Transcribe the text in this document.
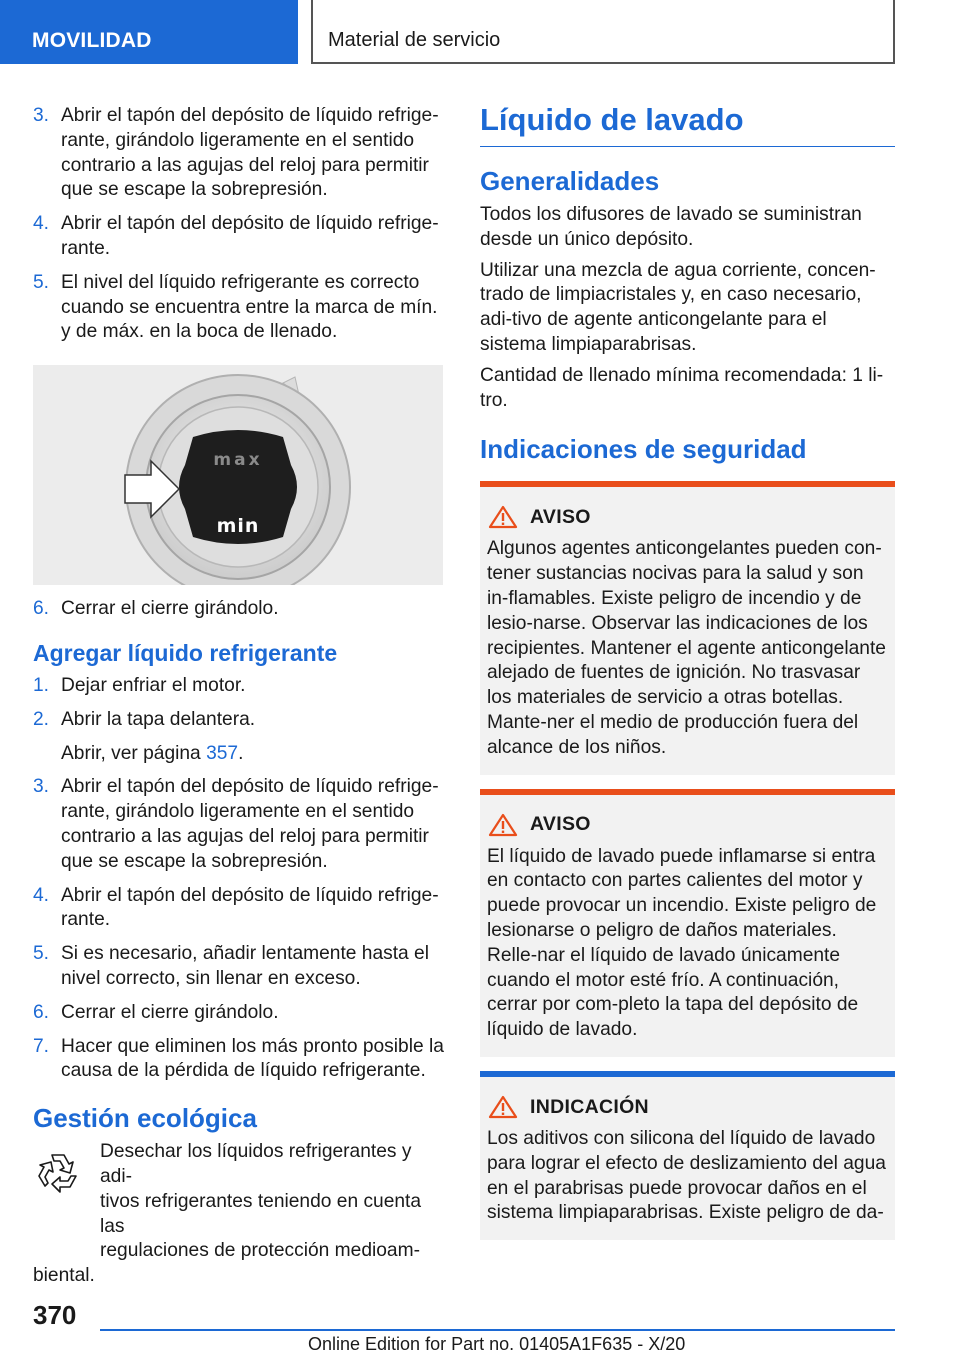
MOVILIDAD	Material de servicio
3. Abrir el tapón del depósito de líquido refrige-rante, girándolo ligeramente en el sentido contrario a las agujas del reloj para permitir que se escape la sobrepresión.
4. Abrir el tapón del depósito de líquido refrige-rante.
5. El nivel del líquido refrigerante es correcto cuando se encuentra entre la marca de mín. y de máx. en la boca de llenado.
max
min
6. Cerrar el cierre girándolo.
Agregar líquido refrigerante
1. Dejar enfriar el motor.
2. Abrir la tapa delantera.
Abrir, ver página 357.
3. Abrir el tapón del depósito de líquido refrige-rante, girándolo ligeramente en el sentido contrario a las agujas del reloj para permitir que se escape la sobrepresión.
4. Abrir el tapón del depósito de líquido refrige-rante.
5. Si es necesario, añadir lentamente hasta el nivel correcto, sin llenar en exceso.
6. Cerrar el cierre girándolo.
7. Hacer que eliminen los más pronto posible la causa de la pérdida de líquido refrigerante.
Gestión ecológica
Desechar los líquidos refrigerantes y adi-
tivos refrigerantes teniendo en cuenta las
regulaciones de protección medioam-
biental.
Líquido de lavado
Generalidades

Todos los difusores de lavado se suministran desde un único depósito.

Utilizar una mezcla de agua corriente, concen-trado de limpiacristales y, en caso necesario, adi-tivo de agente anticongelante para el sistema limpiaparabrisas.

Cantidad de llenado mínima recomendada: 1 li-tro.

Indicaciones de seguridad
AVISO

Algunos agentes anticongelantes pueden con-tener sustancias nocivas para la salud y son in-flamables. Existe peligro de incendio y de lesio-narse. Observar las indicaciones de los recipientes. Mantener el agente anticongelante alejado de fuentes de ignición. No trasvasar los materiales de servicio a otras botellas. Mante-ner el medio de producción fuera del alcance de los niños.

AVISO

El líquido de lavado puede inflamarse si entra en contacto con partes calientes del motor y puede provocar un incendio. Existe peligro de lesionarse o peligro de daños materiales. Relle-nar el líquido de lavado únicamente cuando el motor esté frío. A continuación, cerrar por com-pleto la tapa del depósito de líquido de lavado.

INDICACIÓN

Los aditivos con silicona del líquido de lavado para lograr el efecto de deslizamiento del agua en el parabrisas puede provocar daños en el sistema limpiaparabrisas. Existe peligro de da-

370
Online Edition for Part no. 01405A1F635 - X/20
